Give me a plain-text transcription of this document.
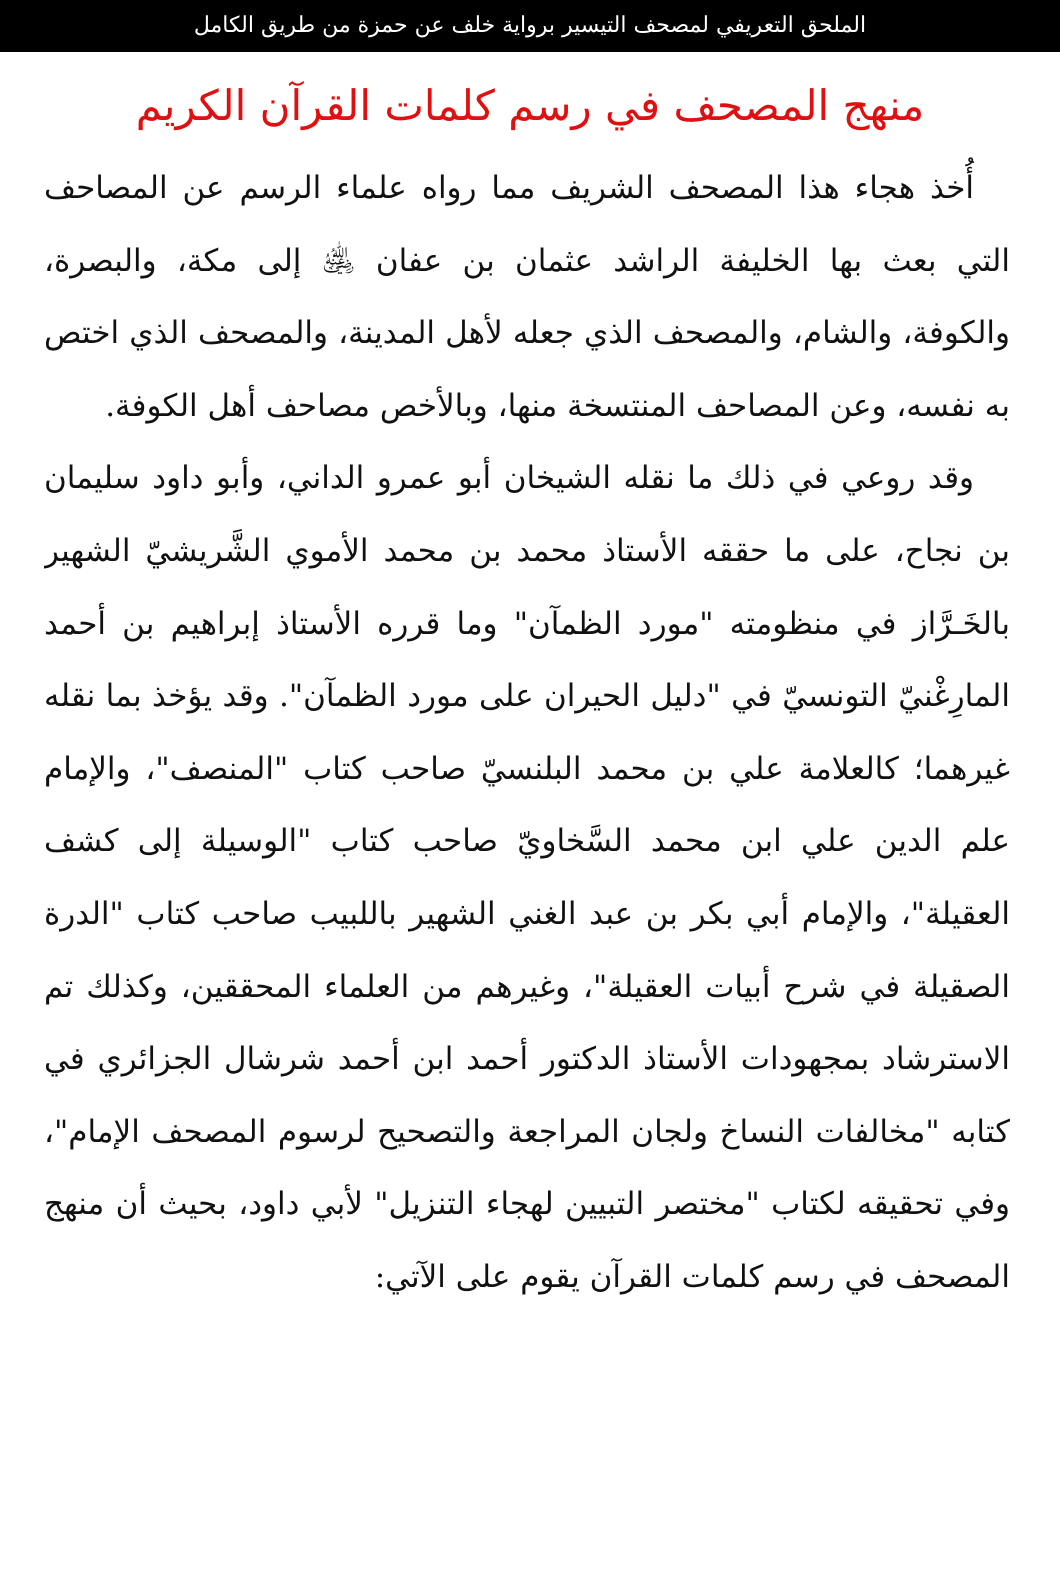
الملحق التعريفي لمصحف التيسير برواية خلف عن حمزة من طريق الكامل
منهج المصحف في رسم كلمات القرآن الكريم

أُخذ هجاء هذا المصحف الشريف مما رواه علماء الرسم عن المصاحف التي بعث بها الخليفة الراشد عثمان بن عفان ﵁ إلى مكة، والبصرة، والكوفة، والشام، والمصحف الذي جعله لأهل المدينة، والمصحف الذي اختص به نفسه، وعن المصاحف المنتسخة منها، وبالأخص مصاحف أهل الكوفة.

وقد روعي في ذلك ما نقله الشيخان أبو عمرو الداني، وأبو داود سليمان بن نجاح، على ما حققه الأستاذ محمد بن محمد الأموي الشَّريشيّ الشهير بالخَـرَّاز في منظومته "مورد الظمآن" وما قرره الأستاذ إبراهيم بن أحمد المارِغْنيّ التونسيّ في "دليل الحيران على مورد الظمآن". وقد يؤخذ بما نقله غيرهما؛ كالعلامة علي بن محمد البلنسيّ صاحب كتاب "المنصف"، والإمام علم الدين علي ابن محمد السَّخاويّ صاحب كتاب "الوسيلة إلى كشف العقيلة"، والإمام أبي بكر بن عبد الغني الشهير باللبيب صاحب كتاب "الدرة الصقيلة في شرح أبيات العقيلة"، وغيرهم من العلماء المحققين، وكذلك تم الاسترشاد بمجهودات الأستاذ الدكتور أحمد ابن أحمد شرشال الجزائري في كتابه "مخالفات النساخ ولجان المراجعة والتصحيح لرسوم المصحف الإمام"، وفي تحقيقه لكتاب "مختصر التبيين لهجاء التنزيل" لأبي داود، بحيث أن منهج المصحف في رسم كلمات القرآن يقوم على الآتي:
